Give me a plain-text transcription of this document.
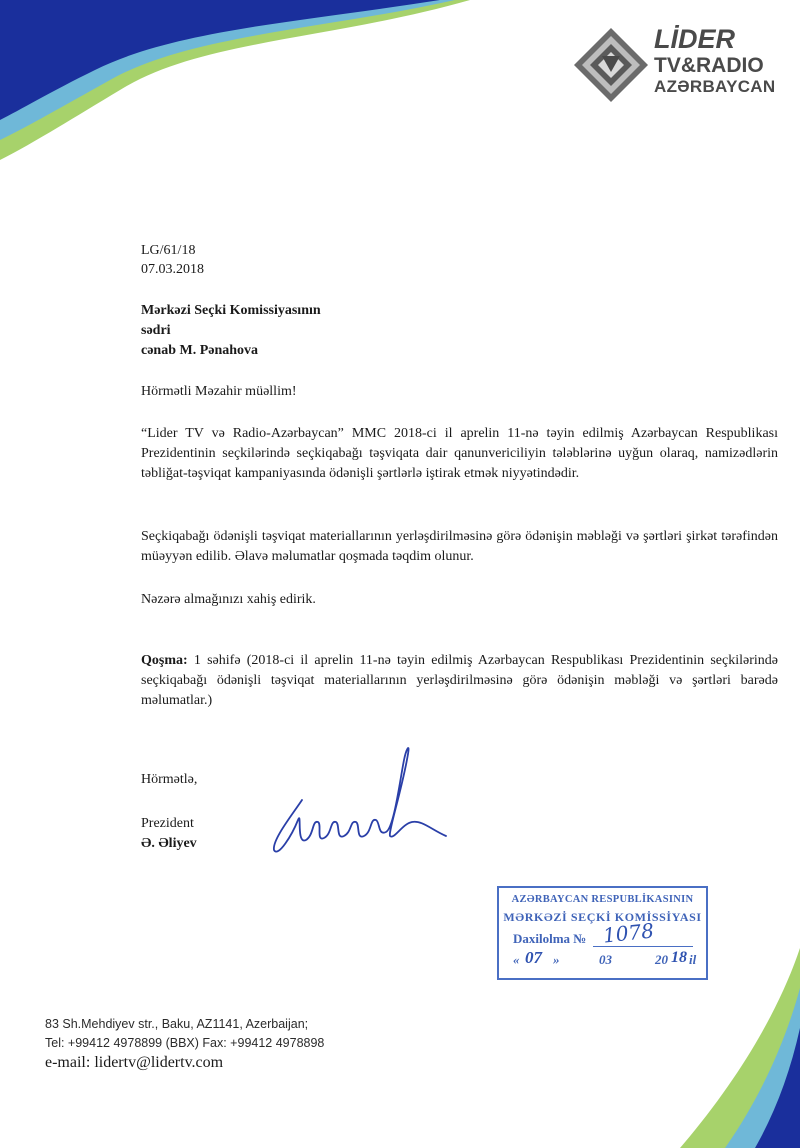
LİDER
TV&RADIO
AZƏRBAYCAN
LG/61/18
07.03.2018
Mərkəzi Seçki Komissiyasının
sədri
cənab M. Pənahova
Hörmətli Məzahir müəllim!
“Lider TV və Radio-Azərbaycan” MMC 2018-ci il aprelin 11-nə təyin edilmiş Azərbaycan Respublikası Prezidentinin seçkilərində seçkiqabağı təşviqata dair qanunvericiliyin tələblərinə uyğun olaraq, namizədlərin təbliğat-təşviqat kampaniyasında ödənişli şərtlərlə iştirak etmək niyyətindədir.
Seçkiqabağı ödənişli təşviqat materiallarının yerləşdirilməsinə görə ödənişin məbləği və şərtləri şirkət tərəfindən müəyyən edilib. Əlavə məlumatlar qoşmada təqdim olunur.
Nəzərə almağınızı xahiş edirik.
Qoşma: 1 səhifə (2018-ci il aprelin 11-nə təyin edilmiş Azərbaycan Respublikası Prezidentinin seçkilərində seçkiqabağı ödənişli təşviqat materiallarının yerləşdirilməsinə görə ödənişin məbləği və şərtləri barədə məlumatlar.)
Hörmətlə,
Prezident
Ə. Əliyev
AZƏRBAYCAN RESPUBLİKASININ
MƏRKƏZİ SEÇKİ KOMİSSİYASI
Daxilolma № 1078
« 07 »	03	20 18 il
83 Sh.Mehdiyev str., Baku, AZ1141, Azerbaijan;
Tel: +99412 4978899 (BBX) Fax: +99412 4978898
e-mail: lidertv@lidertv.com
